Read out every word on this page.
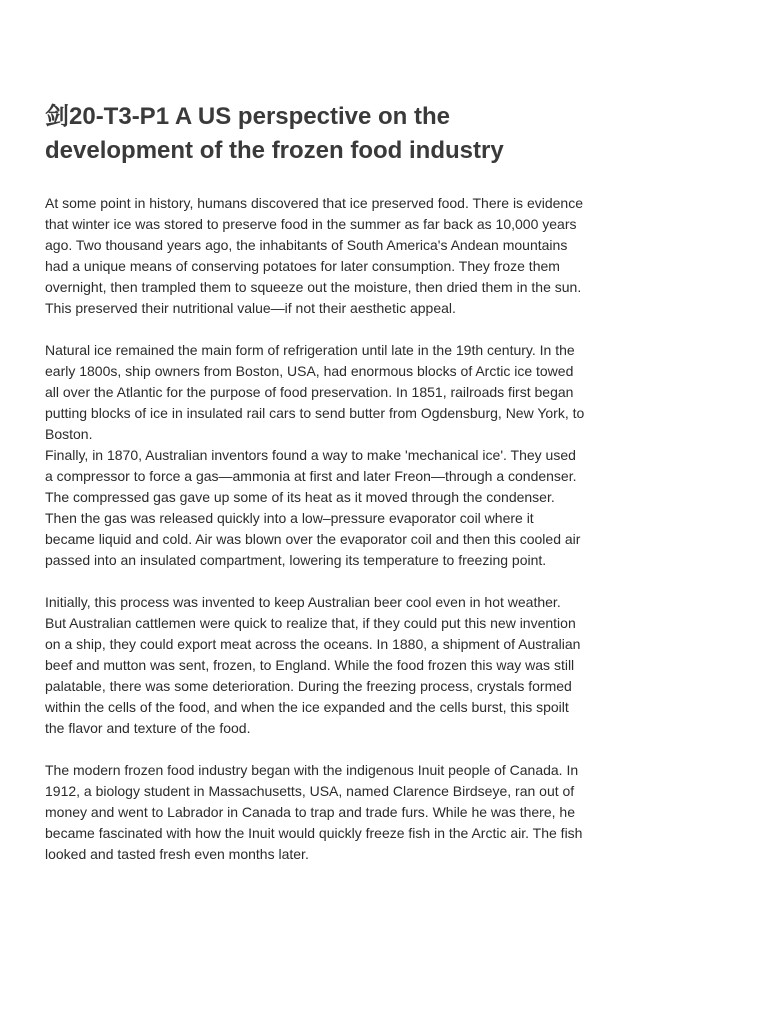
剑20-T3-P1 A US perspective on the development of the frozen food industry

At some point in history, humans discovered that ice preserved food. There is evidence that winter ice was stored to preserve food in the summer as far back as 10,000 years ago. Two thousand years ago, the inhabitants of South America's Andean mountains had a unique means of conserving potatoes for later consumption. They froze them overnight, then trampled them to squeeze out the moisture, then dried them in the sun. This preserved their nutritional value—if not their aesthetic appeal.

Natural ice remained the main form of refrigeration until late in the 19th century. In the early 1800s, ship owners from Boston, USA, had enormous blocks of Arctic ice towed all over the Atlantic for the purpose of food preservation. In 1851, railroads first began putting blocks of ice in insulated rail cars to send butter from Ogdensburg, New York, to Boston.

Finally, in 1870, Australian inventors found a way to make 'mechanical ice'. They used a compressor to force a gas—ammonia at first and later Freon—through a condenser. The compressed gas gave up some of its heat as it moved through the condenser. Then the gas was released quickly into a low–pressure evaporator coil where it became liquid and cold. Air was blown over the evaporator coil and then this cooled air passed into an insulated compartment, lowering its temperature to freezing point.

Initially, this process was invented to keep Australian beer cool even in hot weather. But Australian cattlemen were quick to realize that, if they could put this new invention on a ship, they could export meat across the oceans. In 1880, a shipment of Australian beef and mutton was sent, frozen, to England. While the food frozen this way was still palatable, there was some deterioration. During the freezing process, crystals formed within the cells of the food, and when the ice expanded and the cells burst, this spoilt the flavor and texture of the food.

The modern frozen food industry began with the indigenous Inuit people of Canada. In 1912, a biology student in Massachusetts, USA, named Clarence Birdseye, ran out of money and went to Labrador in Canada to trap and trade furs. While he was there, he became fascinated with how the Inuit would quickly freeze fish in the Arctic air. The fish looked and tasted fresh even months later.
